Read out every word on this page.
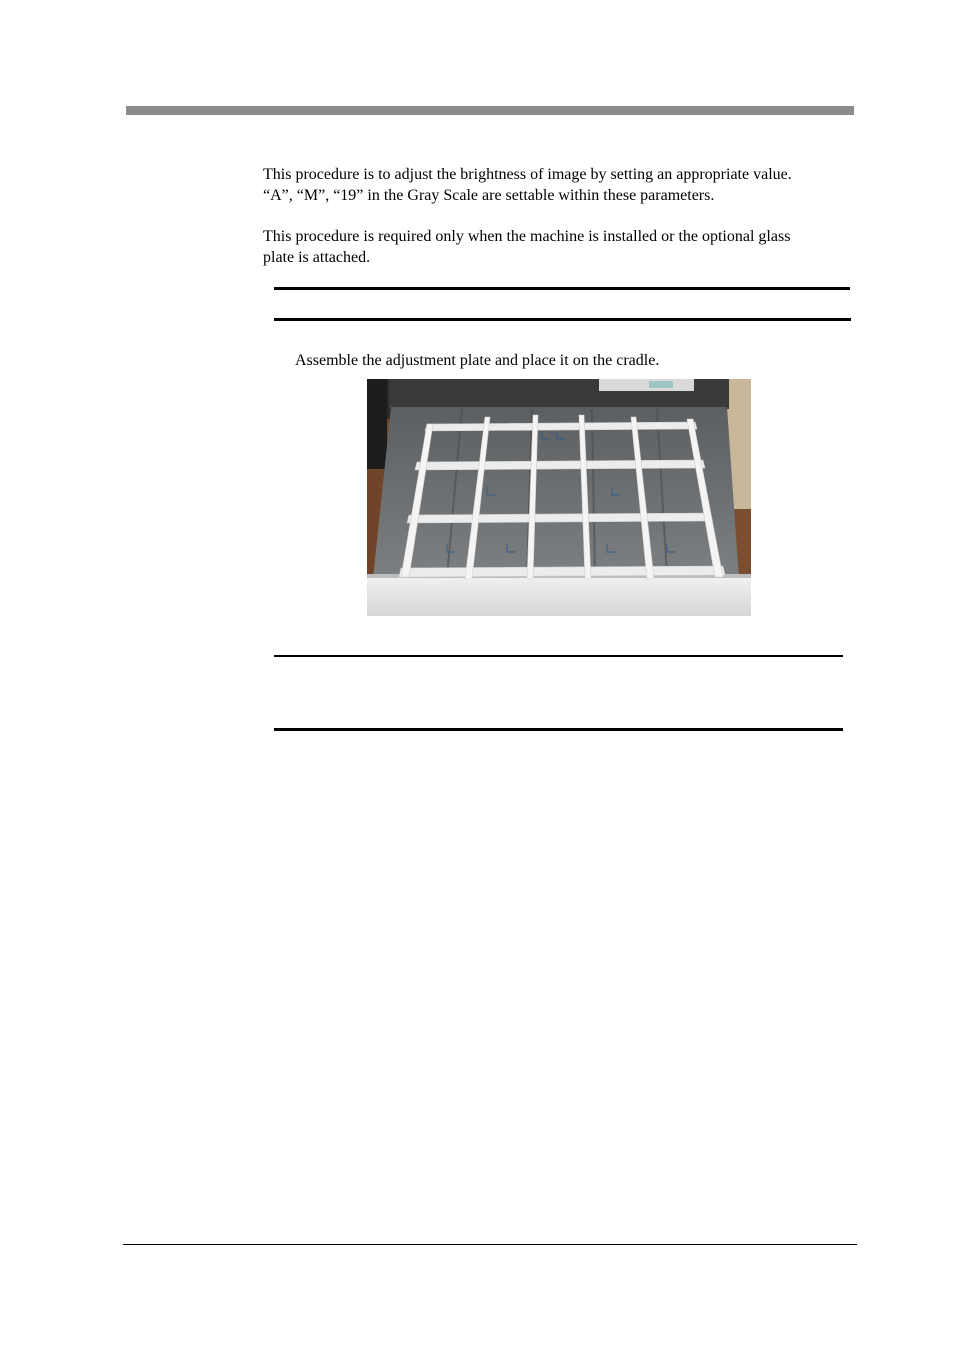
This procedure is to adjust the brightness of image by setting an appropriate value.
“A”, “M”, “19” in the Gray Scale are settable within these parameters.

This procedure is required only when the machine is installed or the optional glass
plate is attached.

Assemble the adjustment plate and place it on the cradle.
